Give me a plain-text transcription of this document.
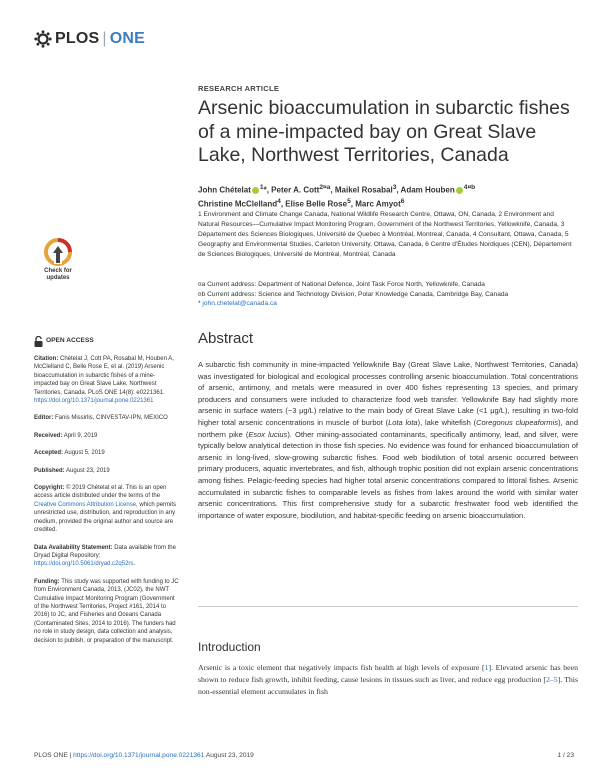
PLOS | ONE
RESEARCH ARTICLE
Arsenic bioaccumulation in subarctic fishes of a mine-impacted bay on Great Slave Lake, Northwest Territories, Canada
John Chételat $^1$*, Peter A. Cott$^{2¤a}$, Maikel Rosabal$^3$, Adam Houben $^{4¤b}$
Christine McClelland$^4$, Elise Belle Rose$^5$, Marc Amyot$^6$
1 Environment and Climate Change Canada, National Wildlife Research Centre, Ottawa, ON, Canada, 2 Environment and Natural Resources—Cumulative Impact Monitoring Program, Government of the Northwest Territories, Yellowknife, Canada, 3 Département des Sciences Biologiques, Université de Quebec à Montréal, Montreal, Canada, 4 Consultant, Ottawa, Canada, 5 Geography and Environmental Studies, Carleton University, Ottawa, Canada, 6 Centre d'Études Nordiques (CEN), Département de Sciences Biologiques, Université de Montréal, Montréal, Canada
¤a Current address: Department of National Defence, Joint Task Force North, Yellowknife, Canada
¤b Current address: Science and Technology Division, Polar Knowledge Canada, Cambridge Bay, Canada
* john.chetelat@canada.ca
Check for
updates
OPEN ACCESS
Citation: Chételat J, Cott PA, Rosabal M, Houben A, McClelland C, Belle Rose E, et al. (2019) Arsenic bioaccumulation in subarctic fishes of a mine-impacted bay on Great Slave Lake, Northwest Territories, Canada. PLoS ONE 14(8): e0221361. https://doi.org/10.1371/journal.pone.0221361
Editor: Fanis Missirlis, CINVESTAV-IPN, MEXICO
Received: April 9, 2019
Accepted: August 5, 2019
Published: August 23, 2019
Copyright: © 2019 Chételat et al. This is an open access article distributed under the terms of the Creative Commons Attribution License, which permits unrestricted use, distribution, and reproduction in any medium, provided the original author and source are credited.
Data Availability Statement: Data available from the Dryad Digital Repository: https://doi.org/10.5061/dryad.c2q52rs.
Funding: This study was supported with funding to JC from Environment Canada, 2013, (JC02), the NWT Cumulative Impact Monitoring Program (Government of the Northwest Territories, Project #161, 2014 to 2016) to JC, and Fisheries and Oceans Canada (Contaminated Sites, 2014 to 2016). The funders had no role in study design, data collection and analysis, decision to publish, or preparation of the manuscript.
Abstract
A subarctic fish community in mine-impacted Yellowknife Bay (Great Slave Lake, Northwest Territories, Canada) was investigated for biological and ecological processes controlling arsenic bioaccumulation. Total concentrations of arsenic, antimony, and metals were measured in over 400 fishes representing 13 species, and primary producers and consumers were included to characterize food web transfer. Yellowknife Bay had slightly more arsenic in surface waters (~3 μg/L) relative to the main body of Great Slave Lake (<1 μg/L), resulting in two-fold higher total arsenic concentrations in muscle of burbot (Lota lota), lake whitefish (Coregonus clupeaformis), and northern pike (Esox lucius). Other mining-associated contaminants, specifically antimony, lead, and silver, were typically below analytical detection in those fish species. No evidence was found for enhanced bioaccumulation of arsenic in long-lived, slow-growing subarctic fishes. Food web biodilution of total arsenic occurred between primary producers, aquatic invertebrates, and fish, although trophic position did not explain arsenic concentrations among fishes. Pelagic-feeding species had higher total arsenic concentrations compared to littoral fishes. Arsenic accumulated in subarctic fishes to comparable levels as fishes from lakes around the world with similar water arsenic concentrations. This first comprehensive study for a subarctic freshwater food web identified the importance of water exposure, biodilution, and habitat-specific feeding on arsenic bioaccumulation.
Introduction
Arsenic is a toxic element that negatively impacts fish health at high levels of exposure [1]. Elevated arsenic has been shown to reduce fish growth, inhibit feeding, cause lesions in tissues such as liver, and reduce egg production [2–5]. This non-essential element accumulates in fish
PLOS ONE | https://doi.org/10.1371/journal.pone.0221361 August 23, 2019	1 / 23
